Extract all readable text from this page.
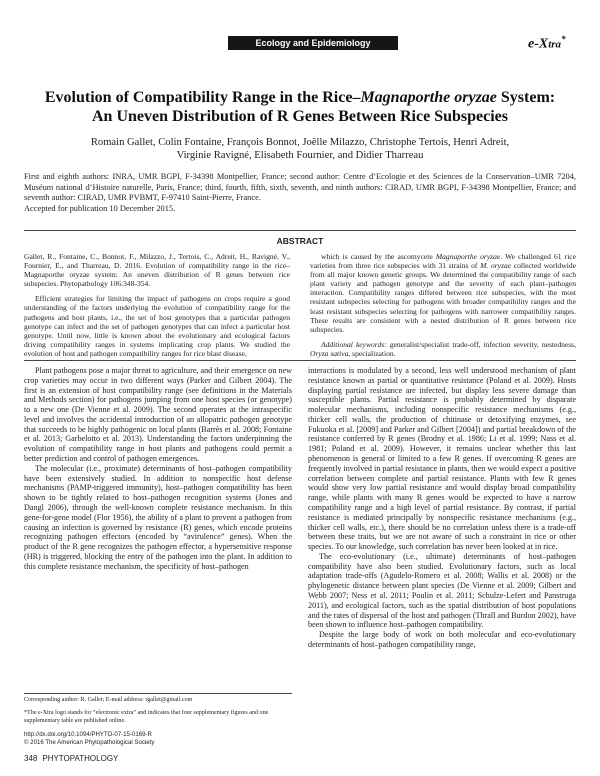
Ecology and Epidemiology	e-Xtra*
Evolution of Compatibility Range in the Rice–Magnaporthe oryzae System:
An Uneven Distribution of R Genes Between Rice Subspecies
Romain Gallet, Colin Fontaine, François Bonnot, Joëlle Milazzo, Christophe Tertois, Henri Adreit,
Virginie Ravigné, Elisabeth Fournier, and Didier Tharreau
First and eighth authors: INRA, UMR BGPI, F-34398 Montpellier, France; second author: Centre d’Ecologie et des Sciences de la Conservation–UMR 7204, Muséum national d’Histoire naturelle, Paris, France; third, fourth, fifth, sixth, seventh, and ninth authors: CIRAD, UMR BGPI, F-34398 Montpellier, France; and seventh author: CIRAD, UMR PVBMT, F-97410 Saint-Pierre, France.
Accepted for publication 10 December 2015.
ABSTRACT

Gallet, R., Fontaine, C., Bonnot, F., Milazzo, J., Tertois, C., Adreit, H., Ravigné, V., Fournier, E., and Tharreau, D. 2016. Evolution of compatibility range in the rice–Magnaporthe oryzae system: An uneven distribution of R genes between rice subspecies. Phytopathology 106:348-354.

Efficient strategies for limiting the impact of pathogens on crops require a good understanding of the factors underlying the evolution of compatibility range for the pathogens and host plants, i.e., the set of host genotypes that a particular pathogen genotype can infect and the set of pathogen genotypes that can infect a particular host genotype. Until now, little is known about the evolutionary and ecological factors driving compatibility ranges in systems implicating crop plants. We studied the evolution of host and pathogen compatibility ranges for rice blast disease,

which is caused by the ascomycete Magnaporthe oryzae. We challenged 61 rice varieties from three rice subspecies with 31 strains of M. oryzae collected worldwide from all major known genetic groups. We determined the compatibility range of each plant variety and pathogen genotype and the severity of each plant–pathogen interaction. Compatibility ranges differed between rice subspecies, with the most resistant subspecies selecting for pathogens with broader compatibility ranges and the least resistant subspecies selecting for pathogens with narrower compatibility ranges. These results are consistent with a nested distribution of R genes between rice subspecies.

Additional keywords: generalist/specialist trade-off, infection severity, nestedness, Oryza sativa, specialization.

Plant pathogens pose a major threat to agriculture, and their emergence on new crop varieties may occur in two different ways (Parker and Gilbert 2004). The first is an extension of host compatibility range (see definitions in the Materials and Methods section) for pathogens jumping from one host species (or genotype) to a new one (De Vienne et al. 2009). The second operates at the intraspecific level and involves the accidental introduction of an allopatric pathogen genotype that succeeds to be highly pathogenic on local plants (Barrès et al. 2008; Fontaine et al. 2013; Garbelotto et al. 2013). Understanding the factors underpinning the evolution of compatibility range in host plants and pathogens could permit a better prediction and control of pathogen emergences.

The molecular (i.e., proximate) determinants of host–pathogen compatibility have been extensively studied. In addition to nonspecific host defense mechanisms (PAMP-triggered immunity), host–pathogen compatibility has been shown to be tightly related to host–pathogen recognition systems (Jones and Dangl 2006), through the well-known complete resistance mechanism. In this gene-for-gene model (Flor 1956), the ability of a plant to prevent a pathogen from causing an infection is governed by resistance (R) genes, which encode proteins recognizing pathogen effectors (encoded by “avirulence” genes). When the product of the R gene recognizes the pathogen effector, a hypersensitive response (HR) is triggered, blocking the entry of the pathogen into the plant. In addition to this complete resistance mechanism, the specificity of host–pathogen

interactions is modulated by a second, less well understood mechanism of plant resistance known as partial or quantitative resistance (Poland et al. 2009). Hosts displaying partial resistance are infected, but display less severe damage than susceptible plants. Partial resistance is probably determined by disparate molecular mechanisms, including nonspecific resistance mechanisms (e.g., thicker cell walls, the production of chitinase or detoxifying enzymes, see Fukuoka et al. [2009] and Parker and Gilbert [2004]) and partial breakdown of the resistance conferred by R genes (Brodny et al. 1986; Li et al. 1999; Nass et al. 1981; Poland et al. 2009). However, it remains unclear whether this last phenomenon is general or limited to a few R genes. If overcoming R genes are frequently involved in partial resistance in plants, then we would expect a positive correlation between complete and partial resistance. Plants with few R genes would show very low partial resistance and would display broad compatibility range, while plants with many R genes would be expected to have a narrow compatibility range and a high level of partial resistance. By contrast, if partial resistance is mediated principally by nonspecific resistance mechanisms (e.g., thicker cell walls, etc.), there should be no correlation unless there is a trade-off between these traits, but we are not aware of such a constraint in rice or other species. To our knowledge, such correlation has never been looked at in rice.

The eco-evolutionary (i.e., ultimate) determinants of host–pathogen compatibility have also been studied. Evolutionary factors, such as local adaptation trade-offs (Agudelo-Romero et al. 2008; Wallis et al. 2008) or the phylogenetic distance between plant species (De Vienne et al. 2009; Gilbert and Webb 2007; Ness et al. 2011; Poulin et al. 2011; Schulze-Lefert and Panstruga 2011), and ecological factors, such as the spatial distribution of host populations and the rates of dispersal of the host and pathogen (Thrall and Burdon 2002), have been shown to influence host–pathogen compatibility.

Despite the large body of work on both molecular and eco-evolutionary determinants of host–pathogen compatibility range,

Corresponding author: R. Gallet; E-mail address: rgallet@gmail.com
*The e-Xtra logo stands for “electronic extra” and indicates that four supplementary figures and one supplementary table are published online.
http://dx.doi.org/10.1094/PHYTO-07-15-0169-R
© 2016 The American Phytopathological Society
348 PHYTOPATHOLOGY
